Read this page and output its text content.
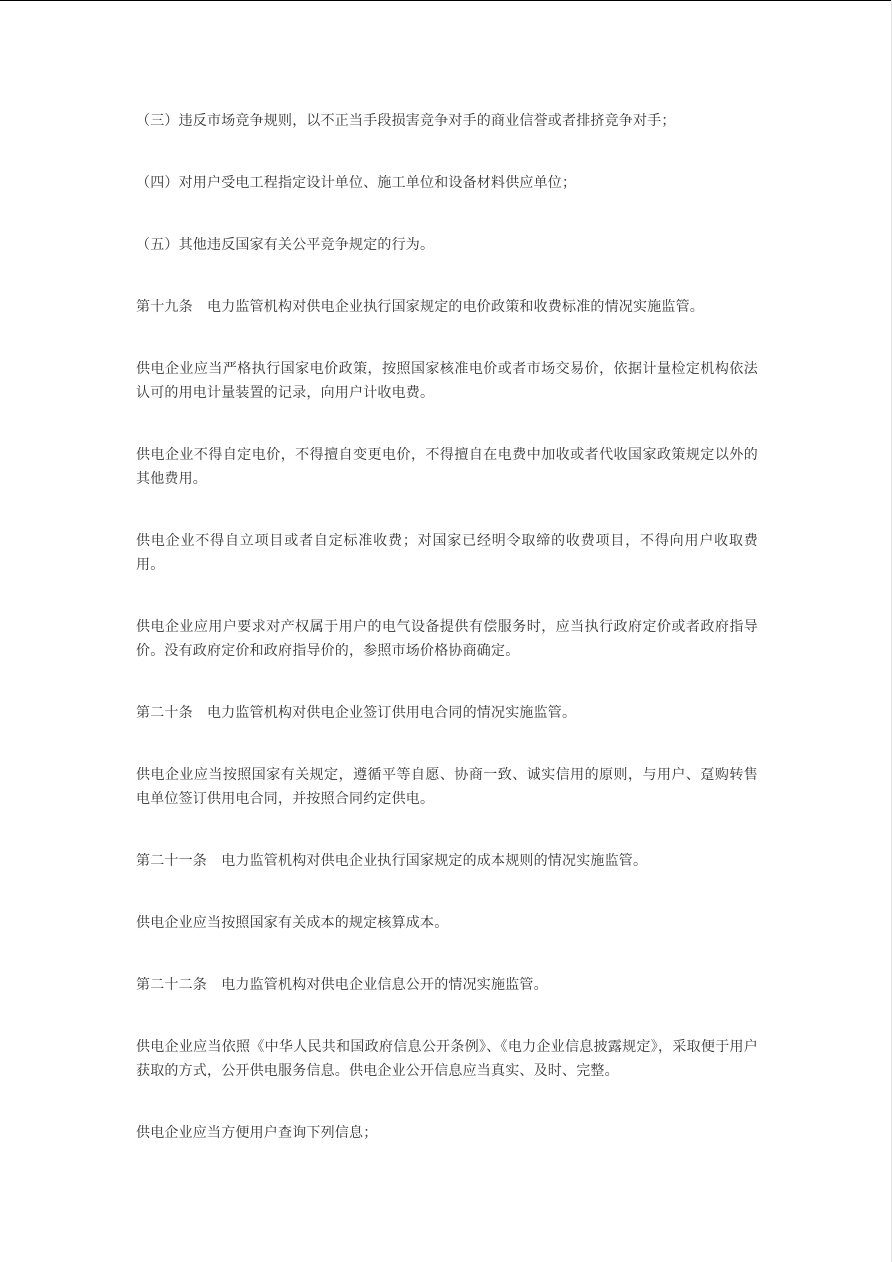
（三）违反市场竞争规则，以不正当手段损害竞争对手的商业信誉或者排挤竞争对手；

（四）对用户受电工程指定设计单位、施工单位和设备材料供应单位；

（五）其他违反国家有关公平竞争规定的行为。

第十九条　电力监管机构对供电企业执行国家规定的电价政策和收费标准的情况实施监管。

供电企业应当严格执行国家电价政策，按照国家核准电价或者市场交易价，依据计量检定机构依法认可的用电计量装置的记录，向用户计收电费。

供电企业不得自定电价，不得擅自变更电价，不得擅自在电费中加收或者代收国家政策规定以外的其他费用。

供电企业不得自立项目或者自定标准收费；对国家已经明令取缔的收费项目，不得向用户收取费用。

供电企业应用户要求对产权属于用户的电气设备提供有偿服务时，应当执行政府定价或者政府指导价。没有政府定价和政府指导价的，参照市场价格协商确定。

第二十条　电力监管机构对供电企业签订供用电合同的情况实施监管。

供电企业应当按照国家有关规定，遵循平等自愿、协商一致、诚实信用的原则，与用户、趸购转售电单位签订供用电合同，并按照合同约定供电。

第二十一条　电力监管机构对供电企业执行国家规定的成本规则的情况实施监管。

供电企业应当按照国家有关成本的规定核算成本。

第二十二条　电力监管机构对供电企业信息公开的情况实施监管。

供电企业应当依照《中华人民共和国政府信息公开条例》、《电力企业信息披露规定》，采取便于用户获取的方式，公开供电服务信息。供电企业公开信息应当真实、及时、完整。

供电企业应当方便用户查询下列信息；
